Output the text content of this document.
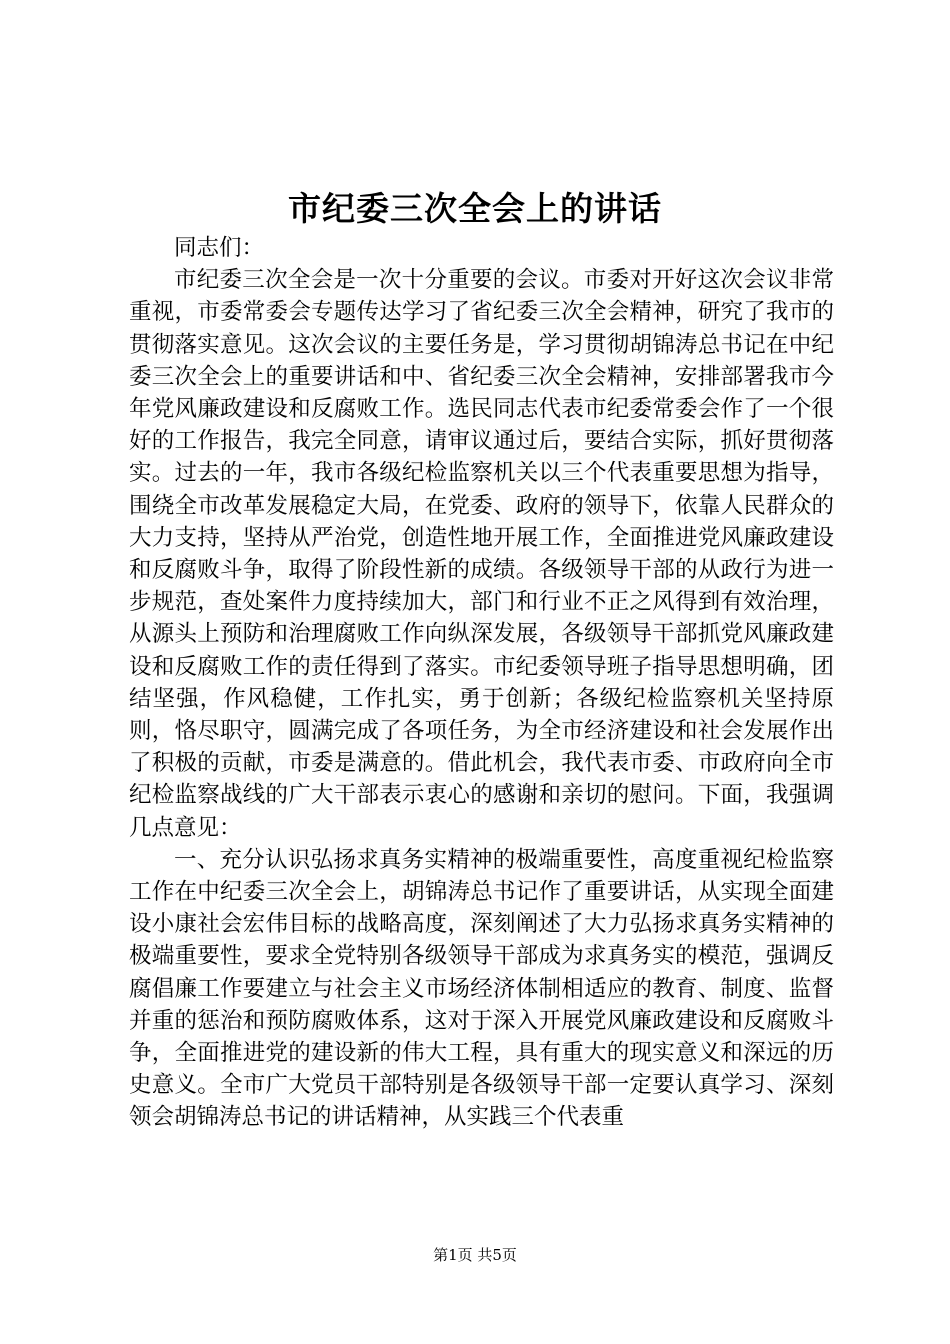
市纪委三次全会上的讲话

同志们：

市纪委三次全会是一次十分重要的会议。市委对开好这次会议非常重视，市委常委会专题传达学习了省纪委三次全会精神，研究了我市的贯彻落实意见。这次会议的主要任务是，学习贯彻胡锦涛总书记在中纪委三次全会上的重要讲话和中、省纪委三次全会精神，安排部署我市今年党风廉政建设和反腐败工作。选民同志代表市纪委常委会作了一个很好的工作报告，我完全同意，请审议通过后，要结合实际，抓好贯彻落实。过去的一年，我市各级纪检监察机关以三个代表重要思想为指导，围绕全市改革发展稳定大局，在党委、政府的领导下，依靠人民群众的大力支持，坚持从严治党，创造性地开展工作，全面推进党风廉政建设和反腐败斗争，取得了阶段性新的成绩。各级领导干部的从政行为进一步规范，查处案件力度持续加大，部门和行业不正之风得到有效治理，从源头上预防和治理腐败工作向纵深发展，各级领导干部抓党风廉政建设和反腐败工作的责任得到了落实。市纪委领导班子指导思想明确，团结坚强，作风稳健，工作扎实，勇于创新；各级纪检监察机关坚持原则，恪尽职守，圆满完成了各项任务，为全市经济建设和社会发展作出了积极的贡献，市委是满意的。借此机会，我代表市委、市政府向全市纪检监察战线的广大干部表示衷心的感谢和亲切的慰问。下面，我强调几点意见：

一、充分认识弘扬求真务实精神的极端重要性，高度重视纪检监察工作在中纪委三次全会上，胡锦涛总书记作了重要讲话，从实现全面建设小康社会宏伟目标的战略高度，深刻阐述了大力弘扬求真务实精神的极端重要性，要求全党特别各级领导干部成为求真务实的模范，强调反腐倡廉工作要建立与社会主义市场经济体制相适应的教育、制度、监督并重的惩治和预防腐败体系，这对于深入开展党风廉政建设和反腐败斗争，全面推进党的建设新的伟大工程，具有重大的现实意义和深远的历史意义。全市广大党员干部特别是各级领导干部一定要认真学习、深刻领会胡锦涛总书记的讲话精神，从实践三个代表重

第1页 共5页
